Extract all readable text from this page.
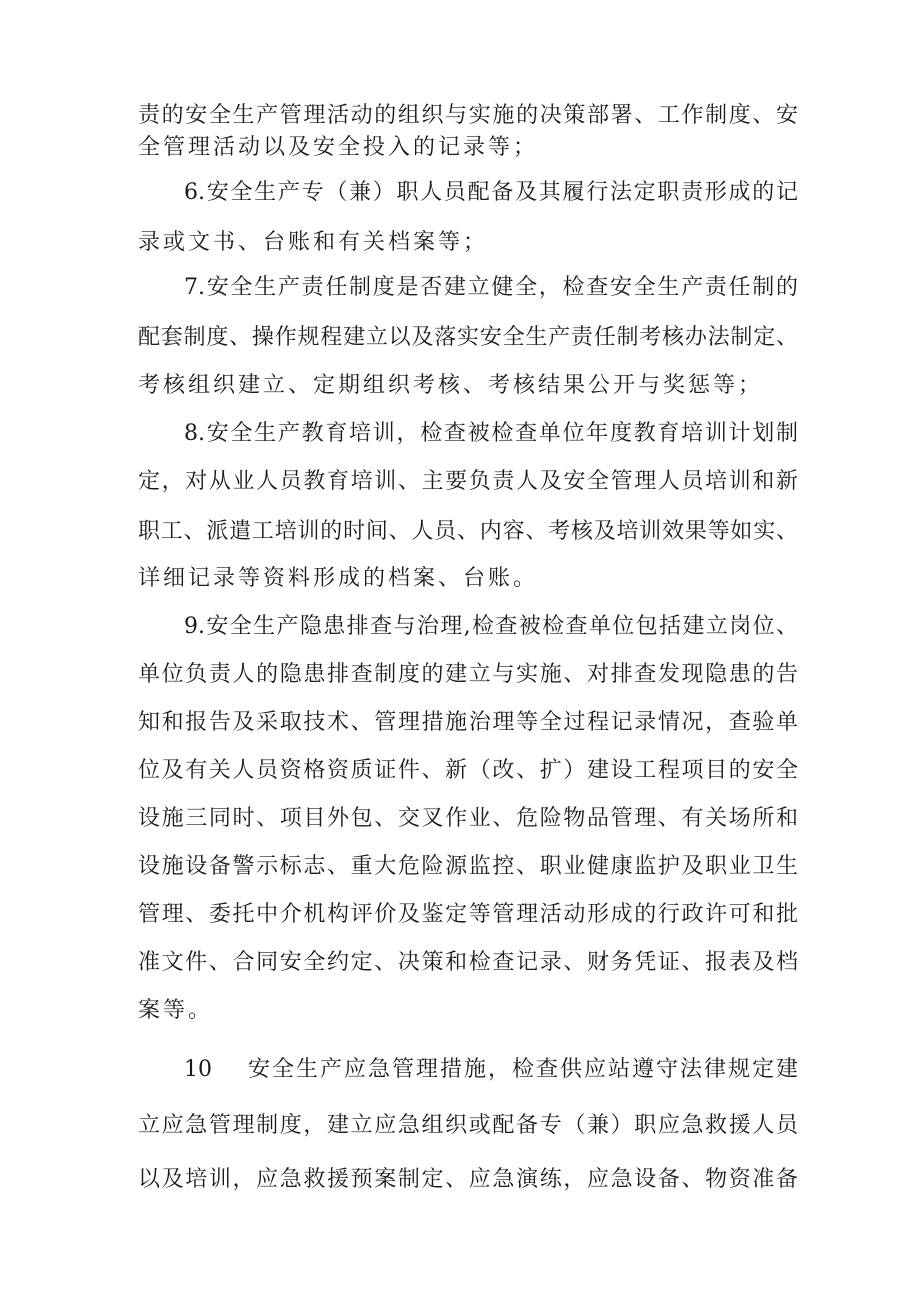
责的安全生产管理活动的组织与实施的决策部署、工作制度、安
全管理活动以及安全投入的记录等；
6.安全生产专（兼）职人员配备及其履行法定职责形成的记
录或文书、台账和有关档案等；
7.安全生产责任制度是否建立健全，检查安全生产责任制的
配套制度、操作规程建立以及落实安全生产责任制考核办法制定、
考核组织建立、定期组织考核、考核结果公开与奖惩等；
8.安全生产教育培训，检查被检查单位年度教育培训计划制
定，对从业人员教育培训、主要负责人及安全管理人员培训和新
职工、派遣工培训的时间、人员、内容、考核及培训效果等如实、
详细记录等资料形成的档案、台账。
9.安全生产隐患排查与治理,检查被检查单位包括建立岗位、
单位负责人的隐患排查制度的建立与实施、对排查发现隐患的告
知和报告及采取技术、管理措施治理等全过程记录情况，查验单
位及有关人员资格资质证件、新（改、扩）建设工程项目的安全
设施三同时、项目外包、交叉作业、危险物品管理、有关场所和
设施设备警示标志、重大危险源监控、职业健康监护及职业卫生
管理、委托中介机构评价及鉴定等管理活动形成的行政许可和批
准文件、合同安全约定、决策和检查记录、财务凭证、报表及档
案等。
10 安全生产应急管理措施，检查供应站遵守法律规定建
立应急管理制度，建立应急组织或配备专（兼）职应急救援人员
以及培训，应急救援预案制定、应急演练，应急设备、物资准备
